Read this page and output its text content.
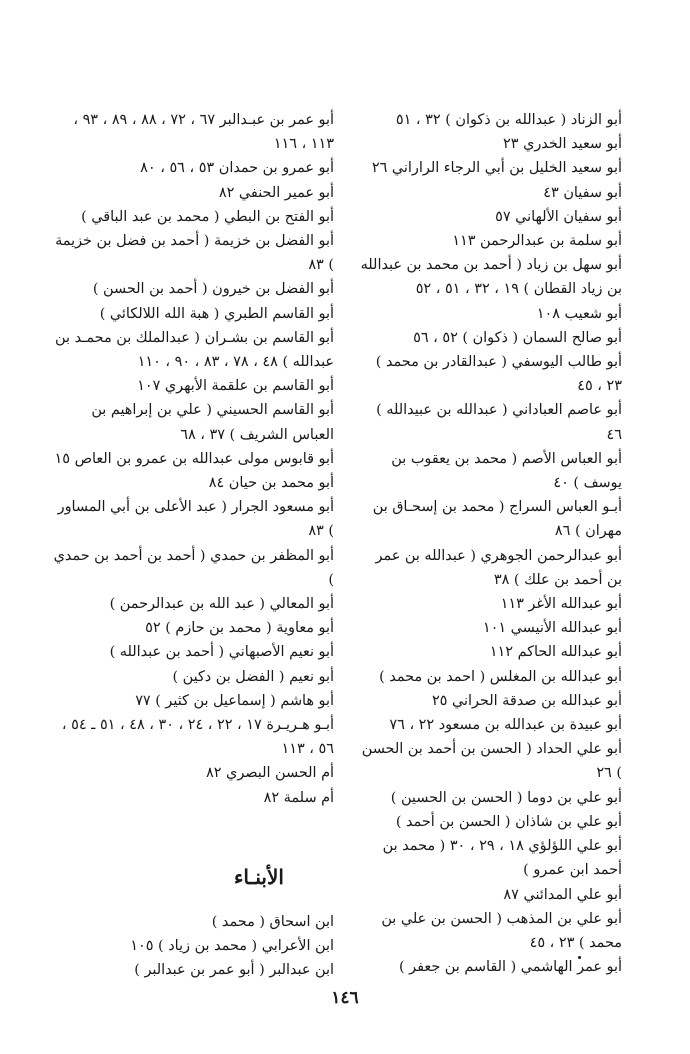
أبو الزناد ( عبدالله بن ذكوان ) ٣٢ ، ٥١

أبو سعيد الخدري ٢٣

أبو سعيد الخليل بن أبي الرجاء الراراني ٢٦

أبو سفيان ٤٣

أبو سفيان الألهاني ٥٧

أبو سلمة بن عبدالرحمن ١١٣

أبو سهل بن زياد ( أحمد بن محمد بن عبدالله بن زياد القطان ) ١٩ ، ٣٢ ، ٥١ ، ٥٢

أبو شعيب ١٠٨

أبو صالح السمان ( ذكوان ) ٥٢ ، ٥٦

أبو طالب اليوسفي ( عبدالقادر بن محمد ) ٢٣ ، ٤٥

أبو عاصم العباداني ( عبدالله بن عبيدالله ) ٤٦

أبو العباس الأصم ( محمد بن يعقوب بن يوسف ) ٤٠

أبـو العباس السراج ( محمد بن إسحـاق بن مهران ) ٨٦

أبو عبدالرحمن الجوهري ( عبدالله بن عمر بن أحمد بن علك ) ٣٨

أبو عبدالله الأغر ١١٣

أبو عبدالله الأنيسي ١٠١

أبو عبدالله الحاكم ١١٢

أبو عبدالله بن المغلس ( احمد بن محمد )

أبو عبدالله بن صدقة الحراني ٢٥

أبو عبيدة بن عبدالله بن مسعود ٢٢ ، ٧٦

أبو علي الحداد ( الحسن بن أحمد بن الحسن ) ٢٦

أبو علي بن دوما ( الحسن بن الحسين )

أبو علي بن شاذان ( الحسن بن أحمد )

أبو علي اللؤلؤي ١٨ ، ٢٩ ، ٣٠ ( محمد بن أحمد ابن عمرو )

أبو علي المدائني ٨٧

أبو علي بن المذهب ( الحسن بن علي بن محمد ) ٢٣ ، ٤٥

أبو عمر الهاشمي ( القاسم بن جعفر )

أبو عمر بن عبـدالبر ٦٧ ، ٧٢ ، ٨٨ ، ٨٩ ، ٩٣ ، ١١٣ ، ١١٦

أبو عمرو بن حمدان ٥٣ ، ٥٦ ، ٨٠

أبو عمير الحنفي ٨٢

أبو الفتح بن البطي ( محمد بن عبد الباقي )

أبو الفضل بن خزيمة ( أحمد بن فضل بن خزيمة ) ٨٣

أبو الفضل بن خيرون ( أحمد بن الحسن )

أبو القاسم الطبري ( هبة الله اللالكائي )

أبو القاسم بن بشـران ( عبدالملك بن محمـد بن عبدالله ) ٤٨ ، ٧٨ ، ٨٣ ، ٩٠ ، ١١٠

أبو القاسم بن علقمة الأبهري ١٠٧

أبو القاسم الحسيني ( علي بن إبراهيم بن العباس الشريف ) ٣٧ ، ٦٨

أبو قابوس مولى عبدالله بن عمرو بن العاص ١٥

أبو محمد بن حيان ٨٤

أبو مسعود الجرار ( عبد الأعلى بن أبي المساور ) ٨٣

أبو المظفر بن حمدي ( أحمد بن أحمد بن حمدي )

أبو المعالي ( عبد الله بن عبدالرحمن )

أبو معاوية ( محمد بن حازم ) ٥٢

أبو نعيم الأصبهاني ( أحمد بن عبدالله )

أبو نعيم ( الفضل بن دكين )

أبو هاشم ( إسماعيل بن كثير ) ٧٧

أبـو هـريـرة ١٧ ، ٢٢ ، ٢٤ ، ٣٠ ، ٤٨ ، ٥١ ـ ٥٤ ، ٥٦ ، ١١٣

أم الحسن البصري ٨٢

أم سلمة ٨٢

الأبنـاء

ابن اسحاق ( محمد )

ابن الأعرابي ( محمد بن زياد ) ١٠٥

ابن عبدالبر ( أبو عمر بن عبدالبر )

١٤٦
